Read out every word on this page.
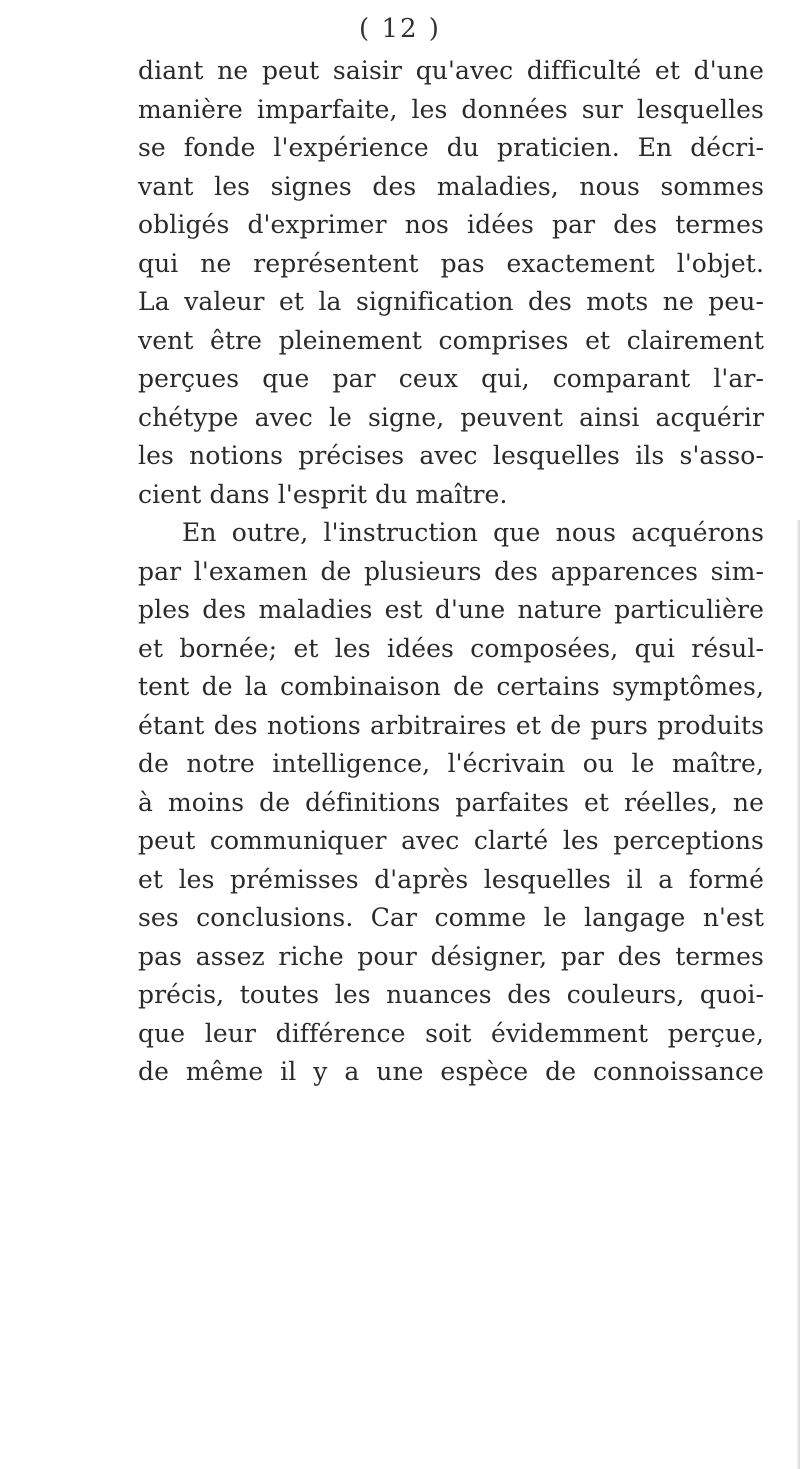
( 12 )
diant ne peut saisir qu'avec difficulté et d'une
manière imparfaite, les données sur lesquelles
se fonde l'expérience du praticien. En décri-
vant les signes des maladies, nous sommes
obligés d'exprimer nos idées par des termes
qui ne représentent pas exactement l'objet.
La valeur et la signification des mots ne peu-
vent être pleinement comprises et clairement
perçues que par ceux qui, comparant l'ar-
chétype avec le signe, peuvent ainsi acquérir
les notions précises avec lesquelles ils s'asso-
cient dans l'esprit du maître.
En outre, l'instruction que nous acquérons
par l'examen de plusieurs des apparences sim-
ples des maladies est d'une nature particulière
et bornée; et les idées composées, qui résul-
tent de la combinaison de certains symptômes,
étant des notions arbitraires et de purs produits
de notre intelligence, l'écrivain ou le maître,
à moins de définitions parfaites et réelles, ne
peut communiquer avec clarté les perceptions
et les prémisses d'après lesquelles il a formé
ses conclusions. Car comme le langage n'est
pas assez riche pour désigner, par des termes
précis, toutes les nuances des couleurs, quoi-
que leur différence soit évidemment perçue,
de même il y a une espèce de connoissance
